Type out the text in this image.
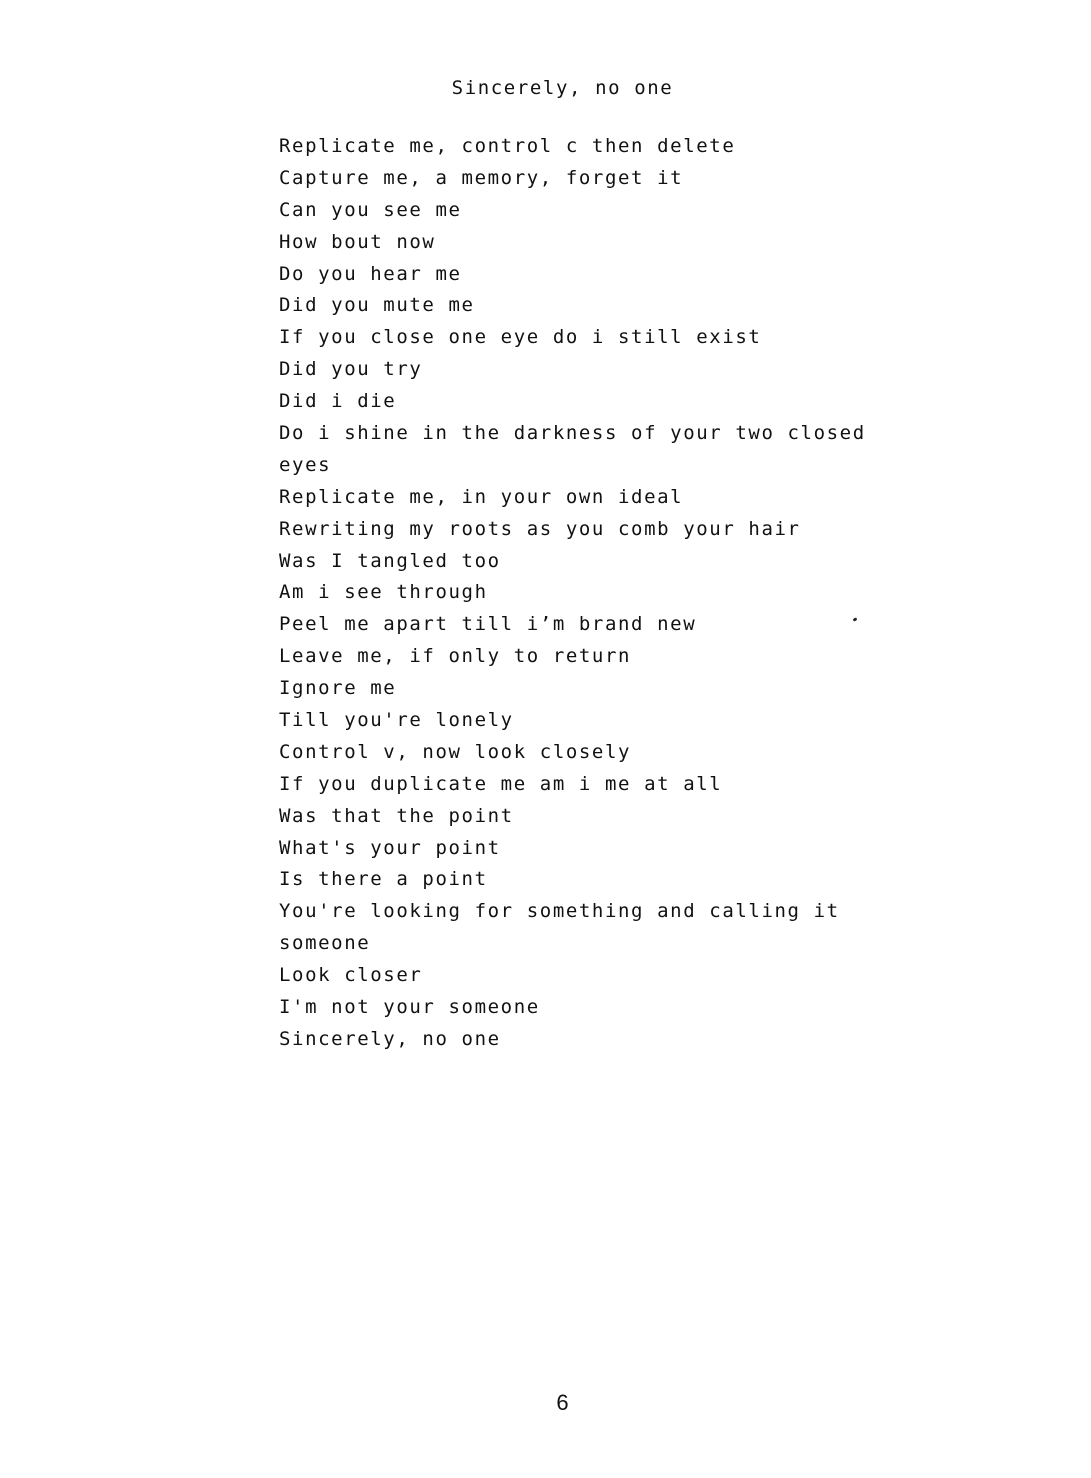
Sincerely, no one
Replicate me, control c then delete
Capture me, a memory, forget it
Can you see me
How bout now
Do you hear me
Did you mute me
If you close one eye do i still exist
Did you try
Did i die
Do i shine in the darkness of your two closed
eyes
Replicate me, in your own ideal
Rewriting my roots as you comb your hair
Was I tangled too
Am i see through
Peel me apart till i’m brand new
Leave me, if only to return
Ignore me
Till you're lonely
Control v, now look closely
If you duplicate me am i me at all
Was that the point
What's your point
Is there a point
You're looking for something and calling it
someone
Look closer
I'm not your someone
Sincerely, no one
6
